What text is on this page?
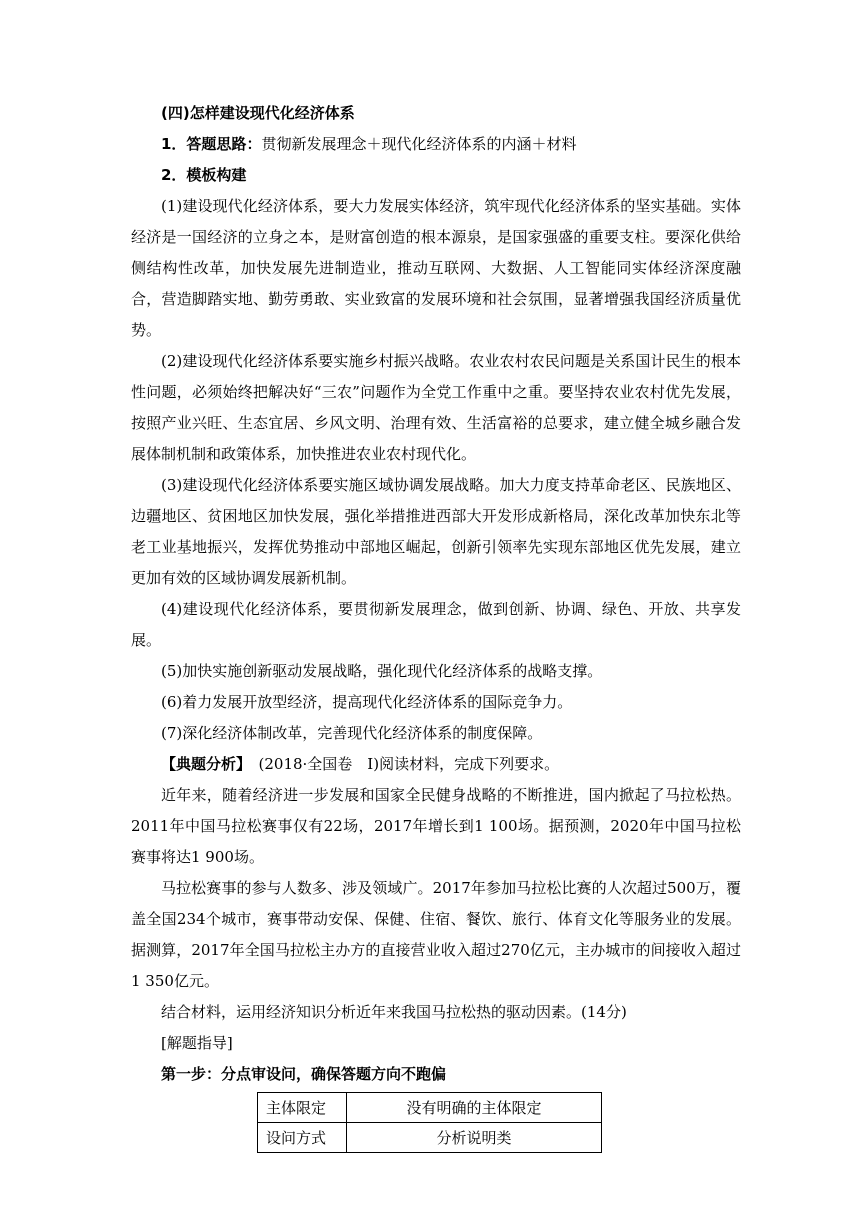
(四)怎样建设现代化经济体系

1．答题思路：贯彻新发展理念＋现代化经济体系的内涵＋材料

2．模板构建

(1)建设现代化经济体系，要大力发展实体经济，筑牢现代化经济体系的坚实基础。实体经济是一国经济的立身之本，是财富创造的根本源泉，是国家强盛的重要支柱。要深化供给侧结构性改革，加快发展先进制造业，推动互联网、大数据、人工智能同实体经济深度融合，营造脚踏实地、勤劳勇敢、实业致富的发展环境和社会氛围，显著增强我国经济质量优势。

(2)建设现代化经济体系要实施乡村振兴战略。农业农村农民问题是关系国计民生的根本性问题，必须始终把解决好“三农”问题作为全党工作重中之重。要坚持农业农村优先发展，按照产业兴旺、生态宜居、乡风文明、治理有效、生活富裕的总要求，建立健全城乡融合发展体制机制和政策体系，加快推进农业农村现代化。

(3)建设现代化经济体系要实施区域协调发展战略。加大力度支持革命老区、民族地区、边疆地区、贫困地区加快发展，强化举措推进西部大开发形成新格局，深化改革加快东北等老工业基地振兴，发挥优势推动中部地区崛起，创新引领率先实现东部地区优先发展，建立更加有效的区域协调发展新机制。

(4)建设现代化经济体系，要贯彻新发展理念，做到创新、协调、绿色、开放、共享发展。

(5)加快实施创新驱动发展战略，强化现代化经济体系的战略支撑。

(6)着力发展开放型经济，提高现代化经济体系的国际竞争力。

(7)深化经济体制改革，完善现代化经济体系的制度保障。

【典题分析】　(2018·全国卷　Ⅰ)阅读材料，完成下列要求。

近年来，随着经济进一步发展和国家全民健身战略的不断推进，国内掀起了马拉松热。2011年中国马拉松赛事仅有22场，2017年增长到1 100场。据预测，2020年中国马拉松赛事将达1 900场。

马拉松赛事的参与人数多、涉及领域广。2017年参加马拉松比赛的人次超过500万，覆盖全国234个城市，赛事带动安保、保健、住宿、餐饮、旅行、体育文化等服务业的发展。据测算，2017年全国马拉松主办方的直接营业收入超过270亿元，主办城市的间接收入超过1 350亿元。

结合材料，运用经济知识分析近年来我国马拉松热的驱动因素。(14分)

[解题指导]

第一步：分点审设问，确保答题方向不跑偏

主体限定	没有明确的主体限定
设问方式	分析说明类
